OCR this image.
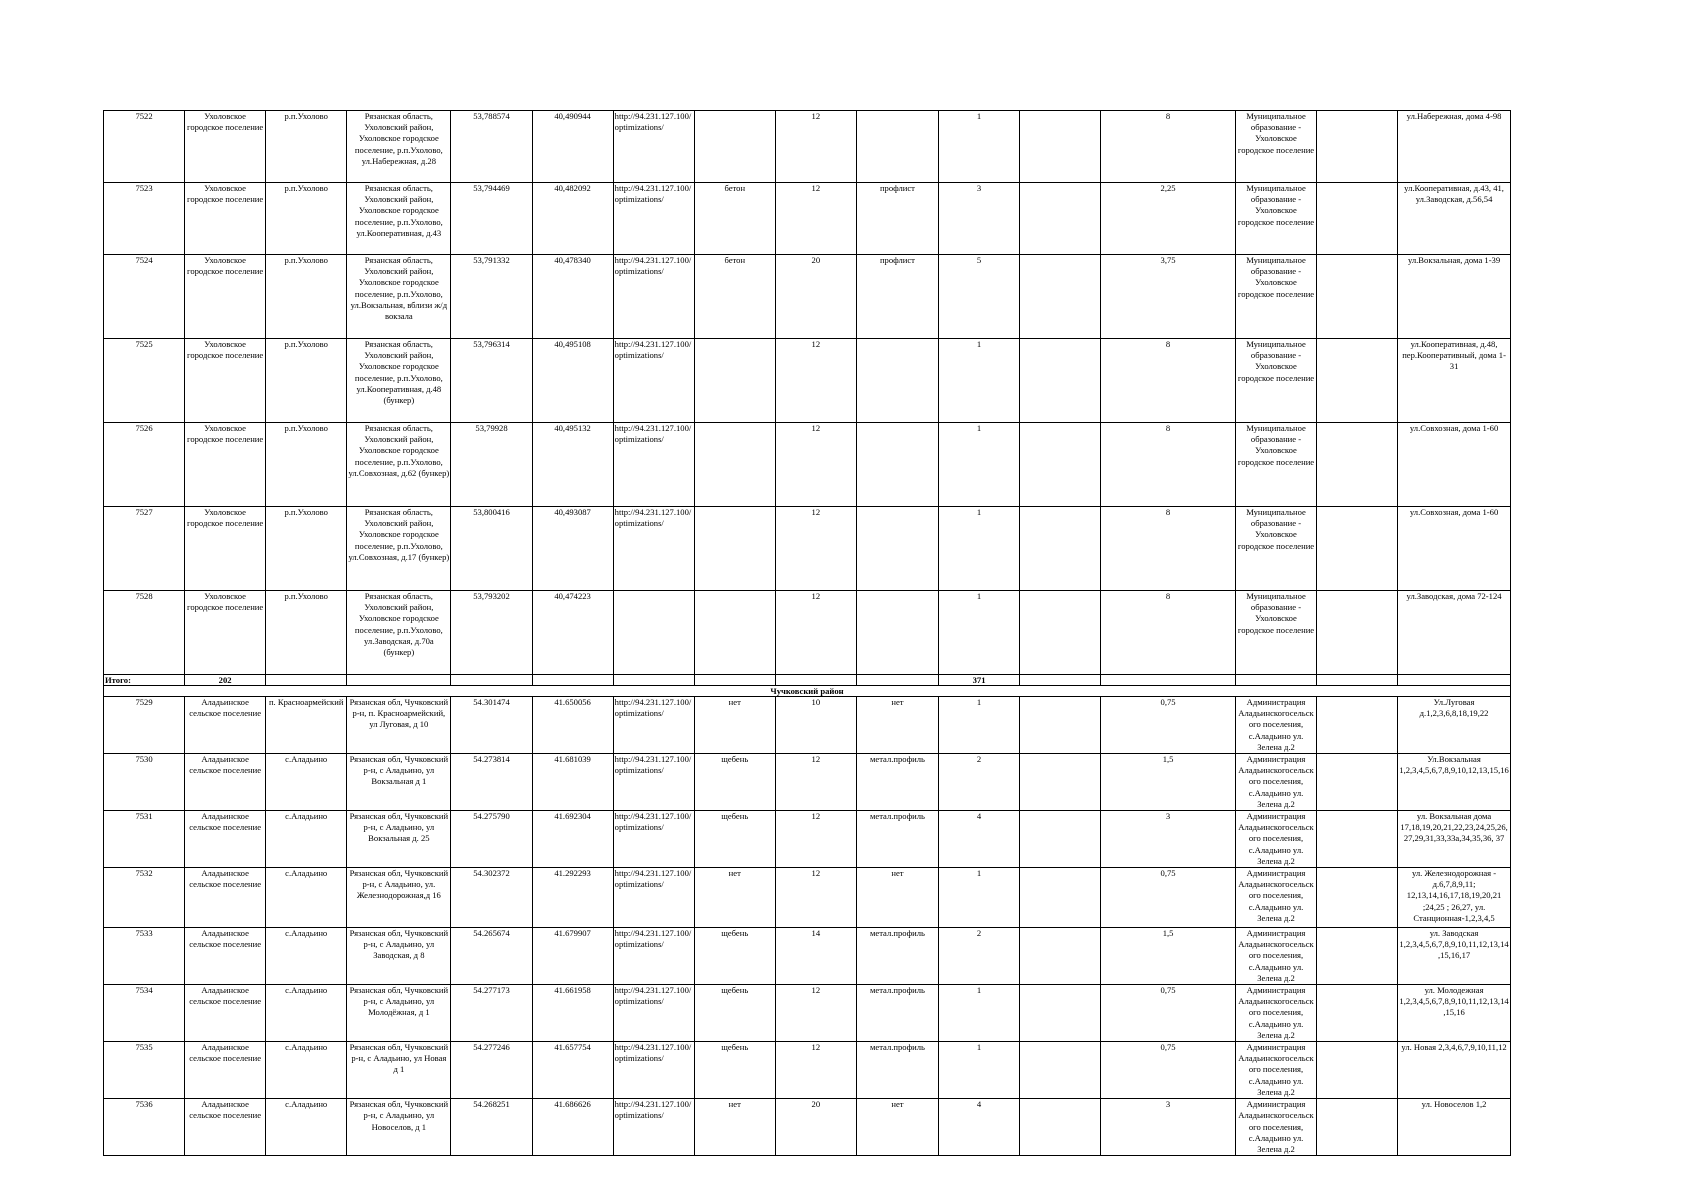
7522	Ухоловское городское поселение	р.п.Ухолово	Рязанская область, Ухоловский район, Ухоловское городское поселение, р.п.Ухолово, ул.Набережная, д.28	53,788574	40,490944	http://94.231.127.100/optimizations/		12		1		8	Муниципальное образование - Ухоловское городское поселение		ул.Набережная, дома 4-98
7523	Ухоловское городское поселение	р.п.Ухолово	Рязанская область, Ухоловский район, Ухоловское городское поселение, р.п.Ухолово, ул.Кооперативная, д.43	53,794469	40,482092	http://94.231.127.100/optimizations/	бетон	12	профлист	3		2,25	Муниципальное образование - Ухоловское городское поселение		ул.Кооперативная, д.43, 41, ул.Заводская, д.56,54
7524	Ухоловское городское поселение	р.п.Ухолово	Рязанская область, Ухоловский район, Ухоловское городское поселение, р.п.Ухолово, ул.Вокзальная, вблизи ж/д вокзала	53,791332	40,478340	http://94.231.127.100/optimizations/	бетон	20	профлист	5		3,75	Муниципальное образование - Ухоловское городское поселение		ул.Вокзальная, дома 1-39
7525	Ухоловское городское поселение	р.п.Ухолово	Рязанская область, Ухоловский район, Ухоловское городское поселение, р.п.Ухолово, ул.Кооперативная, д.48 (бункер)	53,796314	40,495108	http://94.231.127.100/optimizations/		12		1		8	Муниципальное образование - Ухоловское городское поселение		ул.Кооперативная, д.48, пер.Кооперативный, дома 1-31
7526	Ухоловское городское поселение	р.п.Ухолово	Рязанская область, Ухоловский район, Ухоловское городское поселение, р.п.Ухолово, ул.Совхозная, д.62 (бункер)	53,79928	40,495132	http://94.231.127.100/optimizations/		12		1		8	Муниципальное образование - Ухоловское городское поселение		ул.Совхозная, дома 1-60
7527	Ухоловское городское поселение	р.п.Ухолово	Рязанская область, Ухоловский район, Ухоловское городское поселение, р.п.Ухолово, ул.Совхозная, д.17 (бункер)	53,800416	40,493087	http://94.231.127.100/optimizations/		12		1		8	Муниципальное образование - Ухоловское городское поселение		ул.Совхозная, дома 1-60
7528	Ухоловское городское поселение	р.п.Ухолово	Рязанская область, Ухоловский район, Ухоловское городское поселение, р.п.Ухолово, ул.Заводская, д.70а (бункер)	53,793202	40,474223			12		1		8	Муниципальное образование - Ухоловское городское поселение		ул.Заводская, дома 72-124
Итого:	202									371					
Чучковский район															
7529	Аладьинское сельское поселение	п. Красноармейский	Рязанская обл, Чучковский р-н, п. Красноармейский, ул Луговая, д 10	54.301474	41.650056	http://94.231.127.100/optimizations/	нет	10	нет	1		0,75	Администрация Аладьинскогосельского поселения, с.Аладьино ул. Зелена д.2		Ул.Луговая д.1,2,3,6,8,18,19,22
7530	Аладьинское сельское поселение	с.Аладьино	Рязанская обл, Чучковский р-н, с Аладьино, ул Вокзальная д 1	54.273814	41.681039	http://94.231.127.100/optimizations/	щебень	12	метал.профиль	2		1,5	Администрация Аладьинскогосельского поселения, с.Аладьино ул. Зелена д.2		Ул.Вокзальная 1,2,3,4,5,6,7,8,9,10,12,13,15,16
7531	Аладьинское сельское поселение	с.Аладьино	Рязанская обл, Чучковский р-н, с Аладьино, ул Вокзальная д. 25	54.275790	41.692304	http://94.231.127.100/optimizations/	щебень	12	метал.профиль	4		3	Администрация Аладьинскогосельского поселения, с.Аладьино ул. Зелена д.2		ул. Вокзальная дома 17,18,19,20,21,22,23,24,25,26,27,29,31,33,33а,34,35,36, 37
7532	Аладьинское сельское поселение	с.Аладьино	Рязанская обл, Чучковский р-н, с Аладьино, ул. Железнодорожная,д 16	54.302372	41.292293	http://94.231.127.100/optimizations/	нет	12	нет	1		0,75	Администрация Аладьинскогосельского поселения, с.Аладьино ул. Зелена д.2		ул. Железнодорожная - д.6,7,8,9,11; 12,13,14,16,17,18,19,20,21 ;24,25 ; 26,27, ул. Станционная-1,2,3,4,5
7533	Аладьинское сельское поселение	с.Аладьино	Рязанская обл, Чучковский р-н, с Аладьино, ул Заводская, д 8	54.265674	41.679907	http://94.231.127.100/optimizations/	щебень	14	метал.профиль	2		1,5	Администрация Аладьинскогосельского поселения, с.Аладьино ул. Зелена д.2		ул. Заводская 1,2,3,4,5,6,7,8,9,10,11,12,13,14,15,16,17
7534	Аладьинское сельское поселение	с.Аладьино	Рязанская обл, Чучковский р-н, с Аладьино, ул Молодёжная, д 1	54.277173	41.661958	http://94.231.127.100/optimizations/	щебень	12	метал.профиль	1		0,75	Администрация Аладьинскогосельского поселения, с.Аладьино ул. Зелена д.2		ул. Молодежная 1,2,3,4,5,6,7,8,9,10,11,12,13,14,15,16
7535	Аладьинское сельское поселение	с.Аладьино	Рязанская обл, Чучковский р-н, с Аладьино, ул Новая д 1	54.277246	41.657754	http://94.231.127.100/optimizations/	щебень	12	метал.профиль	1		0,75	Администрация Аладьинскогосельского поселения, с.Аладьино ул. Зелена д.2		ул. Новая 2,3,4,6,7,9,10,11,12
7536	Аладьинское сельское поселение	с.Аладьино	Рязанская обл, Чучковский р-н, с Аладьино, ул Новоселов, д 1	54.268251	41.686626	http://94.231.127.100/optimizations/	нет	20	нет	4		3	Администрация Аладьинскогосельского поселения, с.Аладьино ул. Зелена д.2		ул. Новоселов 1,2
